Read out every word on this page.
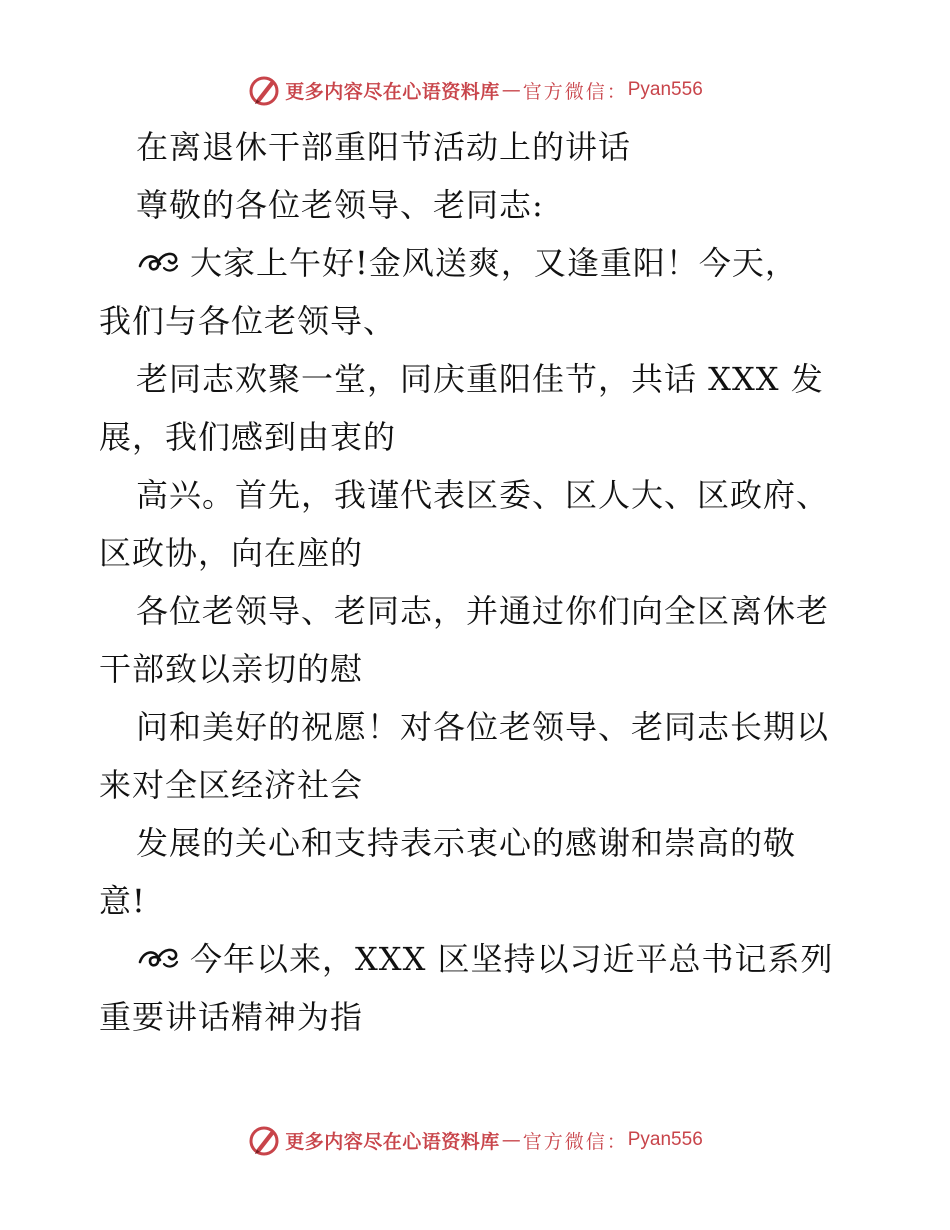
更多内容尽在心语资料库 — 官方微信： Pyan556
在离退休干部重阳节活动上的讲话
尊敬的各位老领导、老同志:
大家上午好!金风送爽，又逢重阳！今天，
我们与各位老领导、
老同志欢聚一堂，同庆重阳佳节，共话 XXX 发
展，我们感到由衷的
高兴。首先，我谨代表区委、区人大、区政府、
区政协，向在座的
各位老领导、老同志，并通过你们向全区离休老
干部致以亲切的慰
问和美好的祝愿！对各位老领导、老同志长期以
来对全区经济社会
发展的关心和支持表示衷心的感谢和崇高的敬
意!
今年以来，XXX 区坚持以习近平总书记系列
重要讲话精神为指
更多内容尽在心语资料库 — 官方微信： Pyan556
